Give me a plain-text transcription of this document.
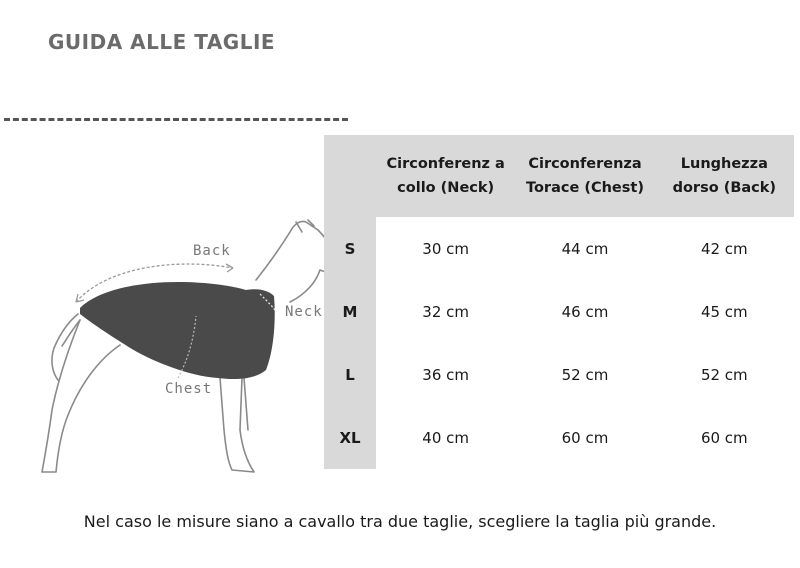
GUIDA ALLE TAGLIE
Back
Neck
Chest
Circonferenz a collo (Neck)
Circonferenza Torace (Chest)
Lunghezza dorso (Back)
S	30 cm	44 cm	42 cm
M	32 cm	46 cm	45 cm
L	36 cm	52 cm	52 cm
XL	40 cm	60 cm	60 cm
Nel caso le misure siano a cavallo tra due taglie, scegliere la taglia più grande.
